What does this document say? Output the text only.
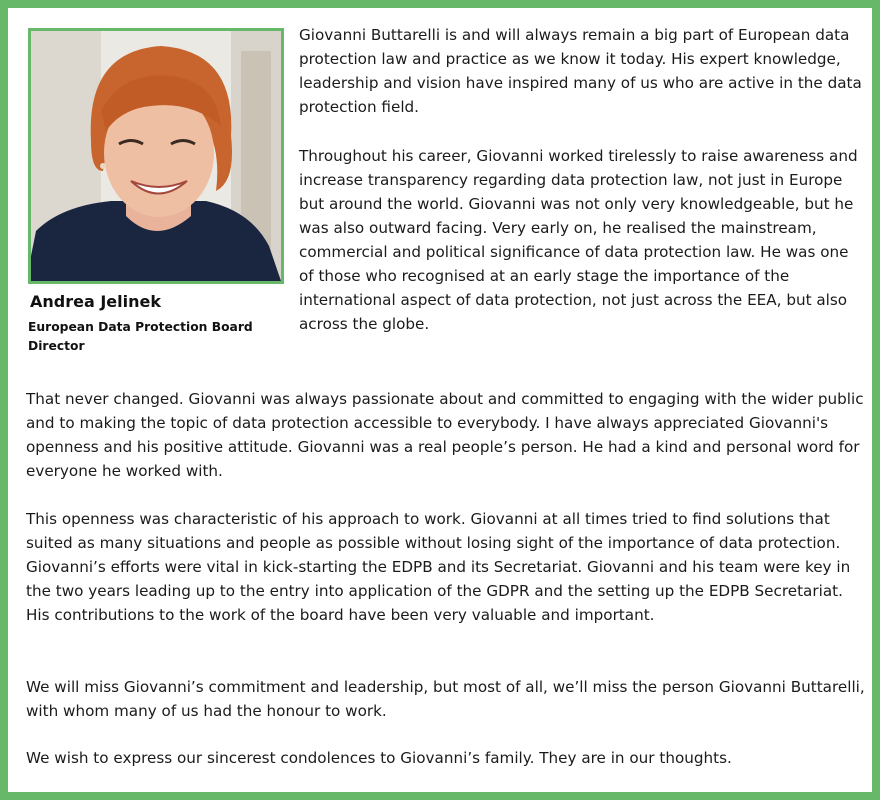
Andrea Jelinek

European Data Protection Board Director

Giovanni Buttarelli is and will always remain a big part of European data protection law and practice as we know it today. His expert knowledge, leadership and vision have inspired many of us who are active in the data protection field.

Throughout his career, Giovanni worked tirelessly to raise awareness and increase transparency regarding data protection law, not just in Europe but around the world. Giovanni was not only very knowledgeable, but he was also outward facing. Very early on, he realised the mainstream, commercial and political significance of data protection law. He was one of those who recognised at an early stage the importance of the international aspect of data protection, not just across the EEA, but also across the globe.

That never changed. Giovanni was always passionate about and committed to engaging with the wider public and to making the topic of data protection accessible to everybody. I have always appreciated Giovanni's openness and his positive attitude. Giovanni was a real people’s person. He had a kind and personal word for everyone he worked with.

This openness was characteristic of his approach to work. Giovanni at all times tried to find solutions that suited as many situations and people as possible without losing sight of the importance of data protection. Giovanni’s efforts were vital in kick-starting the EDPB and its Secretariat. Giovanni and his team were key in the two years leading up to the entry into application of the GDPR and the setting up the EDPB Secretariat. His contributions to the work of the board have been very valuable and important.

We will miss Giovanni’s commitment and leadership, but most of all, we’ll miss the person Giovanni Buttarelli, with whom many of us had the honour to work.

We wish to express our sincerest condolences to Giovanni’s family. They are in our thoughts.
